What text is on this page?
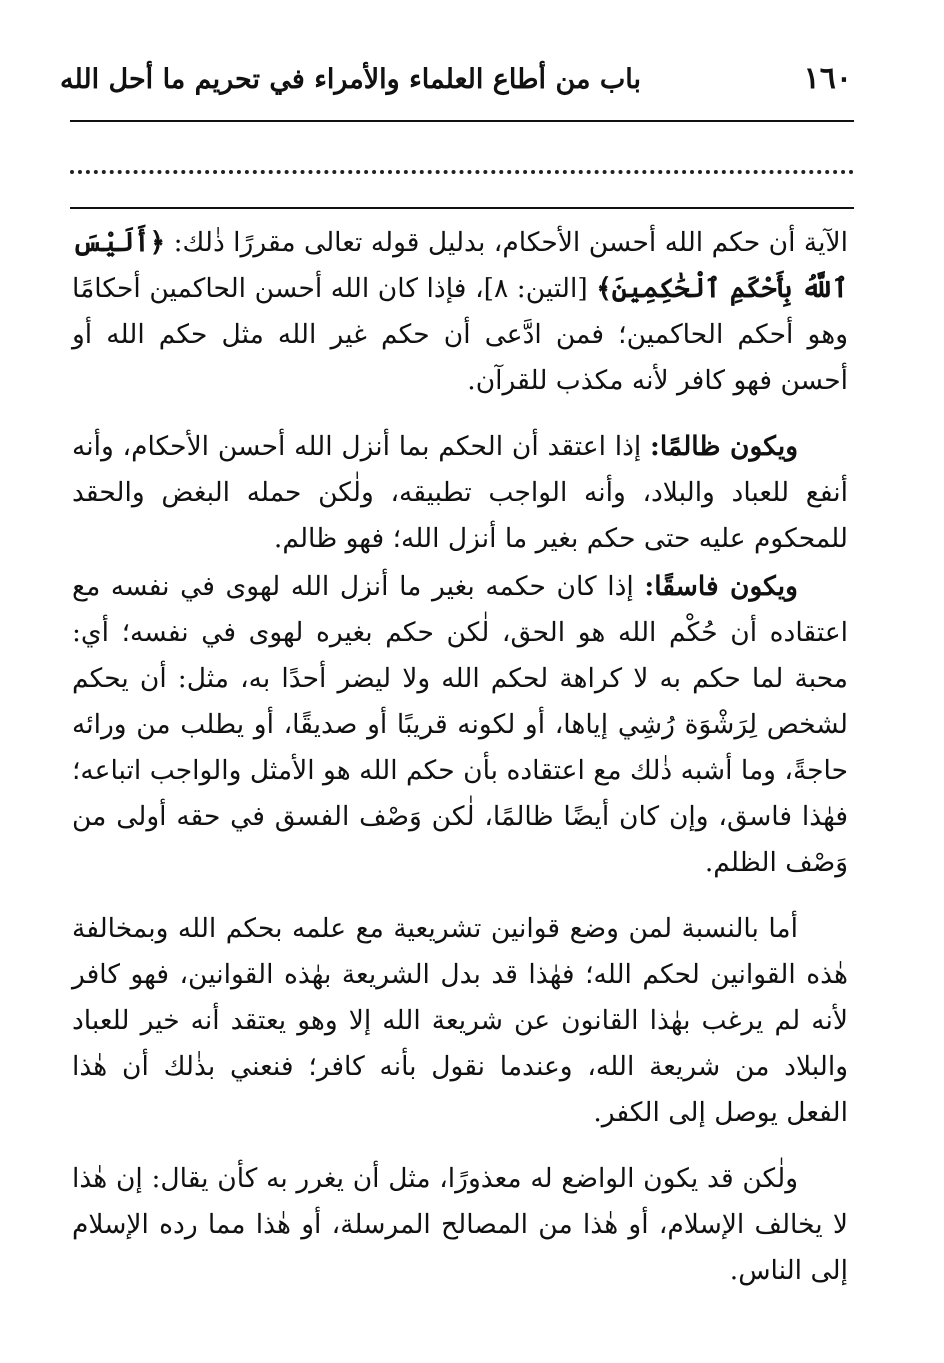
١٦٠
باب من أطاع العلماء والأمراء في تحريم ما أحل الله

الآية أن حكم الله أحسن الأحكام، بدليل قوله تعالى مقررًا ذٰلك: ﴿أَلَيْسَ ٱللَّهُ بِأَحْكَمِ ٱلْحَٰكِمِينَ﴾ [التين: ٨]، فإذا كان الله أحسن الحاكمين أحكامًا وهو أحكم الحاكمين؛ فمن ادَّعى أن حكم غير الله مثل حكم الله أو أحسن فهو كافر لأنه مكذب للقرآن.

ويكون ظالمًا: إذا اعتقد أن الحكم بما أنزل الله أحسن الأحكام، وأنه أنفع للعباد والبلاد، وأنه الواجب تطبيقه، ولٰكن حمله البغض والحقد للمحكوم عليه حتى حكم بغير ما أنزل الله؛ فهو ظالم.

ويكون فاسقًا: إذا كان حكمه بغير ما أنزل الله لهوى في نفسه مع اعتقاده أن حُكْم الله هو الحق، لٰكن حكم بغيره لهوى في نفسه؛ أي: محبة لما حكم به لا كراهة لحكم الله ولا ليضر أحدًا به، مثل: أن يحكم لشخص لِرَشْوَة رُشِي إياها، أو لكونه قريبًا أو صديقًا، أو يطلب من ورائه حاجةً، وما أشبه ذٰلك مع اعتقاده بأن حكم الله هو الأمثل والواجب اتباعه؛ فهٰذا فاسق، وإن كان أيضًا ظالمًا، لٰكن وَصْف الفسق في حقه أولى من وَصْف الظلم.

أما بالنسبة لمن وضع قوانين تشريعية مع علمه بحكم الله وبمخالفة هٰذه القوانين لحكم الله؛ فهٰذا قد بدل الشريعة بهٰذه القوانين، فهو كافر لأنه لم يرغب بهٰذا القانون عن شريعة الله إلا وهو يعتقد أنه خير للعباد والبلاد من شريعة الله، وعندما نقول بأنه كافر؛ فنعني بذٰلك أن هٰذا الفعل يوصل إلى الكفر.

ولٰكن قد يكون الواضع له معذورًا، مثل أن يغرر به كأن يقال: إن هٰذا لا يخالف الإسلام، أو هٰذا من المصالح المرسلة، أو هٰذا مما رده الإسلام إلى الناس.
